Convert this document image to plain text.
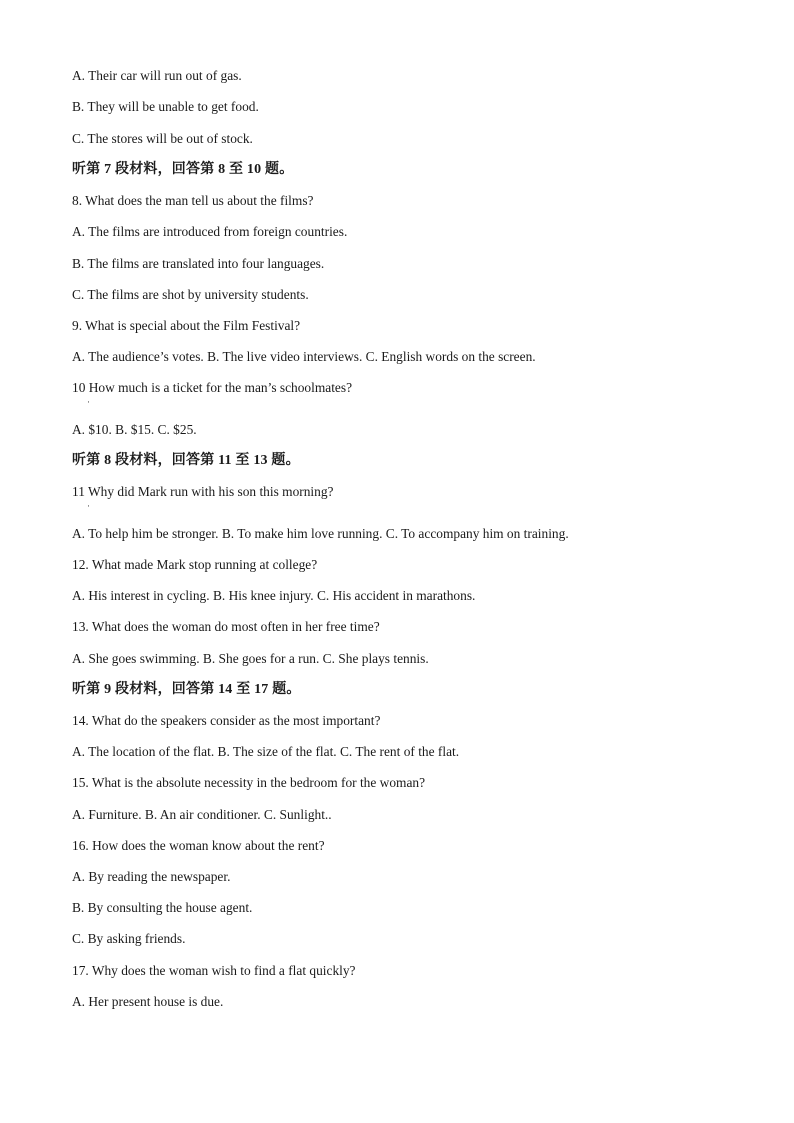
A. Their car will run out of gas.
B. They will be unable to get food.
C. The stores will be out of stock.
听第 7 段材料，回答第 8 至 10 题。
8. What does the man tell us about the films?
A. The films are introduced from foreign countries.
B. The films are translated into four languages.
C. The films are shot by university students.
9. What is special about the Film Festival?
A. The audience’s votes. B. The live video interviews. C. English words on the screen.
10 How much is a ticket for the man’s schoolmates?
·
A. $10. B. $15. C. $25.
听第 8 段材料，回答第 11 至 13 题。
11 Why did Mark run with his son this morning?
·
A. To help him be stronger. B. To make him love running. C. To accompany him on training.
12. What made Mark stop running at college?
A. His interest in cycling. B. His knee injury. C. His accident in marathons.
13. What does the woman do most often in her free time?
A. She goes swimming. B. She goes for a run. C. She plays tennis.
听第 9 段材料，回答第 14 至 17 题。
14. What do the speakers consider as the most important?
A. The location of the flat. B. The size of the flat. C. The rent of the flat.
15. What is the absolute necessity in the bedroom for the woman?
A. Furniture. B. An air conditioner. C. Sunlight..
16. How does the woman know about the rent?
A. By reading the newspaper.
B. By consulting the house agent.
C. By asking friends.
17. Why does the woman wish to find a flat quickly?
A. Her present house is due.
